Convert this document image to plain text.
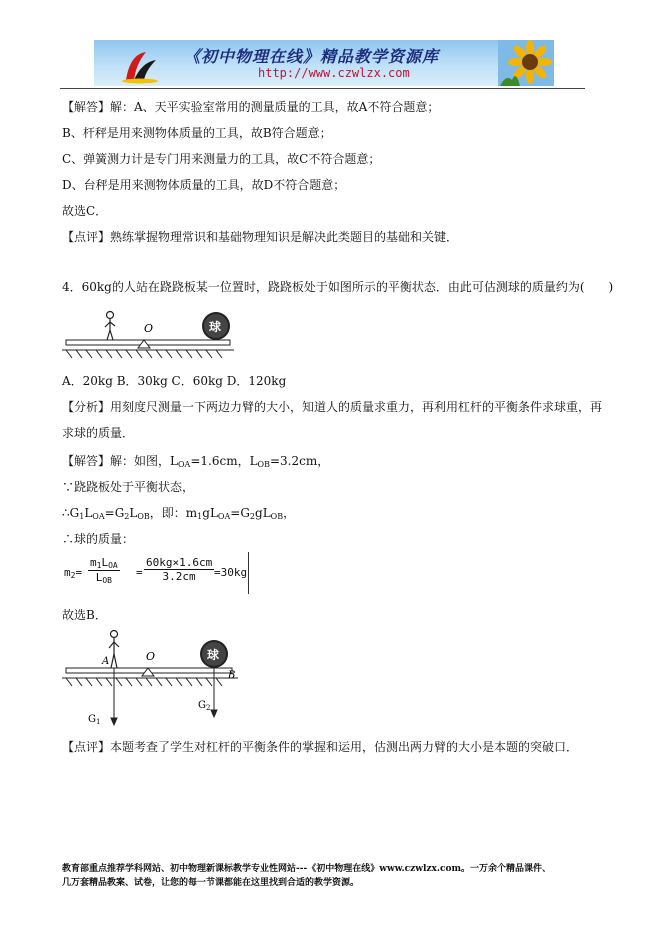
《初中物理在线》精品教学资源库
http://www.czwlzx.com
【解答】解：A、天平实验室常用的测量质量的工具，故A不符合题意；
B、杆秤是用来测物体质量的工具，故B符合题意；
C、弹簧测力计是专门用来测量力的工具，故C不符合题意；
D、台秤是用来测物体质量的工具，故D不符合题意；
故选C．
【点评】熟练掌握物理常识和基础物理知识是解决此类题目的基础和关键．
4．60kg的人站在跷跷板某一位置时，跷跷板处于如图所示的平衡状态．由此可估测球的质量约为(　　)
O	球
A．20kg B．30kg C．60kg D．120kg
【分析】用刻度尺测量一下两边力臂的大小，知道人的质量求重力，再利用杠杆的平衡条件求球重，再
求球的质量．
【解答】解：如图，$L_{OA}=1.6cm$，$L_{OB}=3.2cm$，
∵跷跷板处于平衡状态，
$\therefore G_1L_{OA}=G_2L_{OB}$，即：$m_1gL_{OA}=G_2gL_{OB}$，
∴球的质量：
$m_2=$
$m_1L_{OA}$
$L_{OB}$
= $\frac{60kg\times 1.6cm}{3.2cm} =30kg$
故选B．
O
A	球
B
$G_1$
$G_2$
【点评】本题考查了学生对杠杆的平衡条件的掌握和运用，估测出两力臂的大小是本题的突破口．
教育部重点推荐学科网站、初中物理新课标教学专业性网站---《初中物理在线》www.czwlzx.com。一万余个精品课件、
几万套精品教案、试卷，让您的每一节课都能在这里找到合适的教学资源。
